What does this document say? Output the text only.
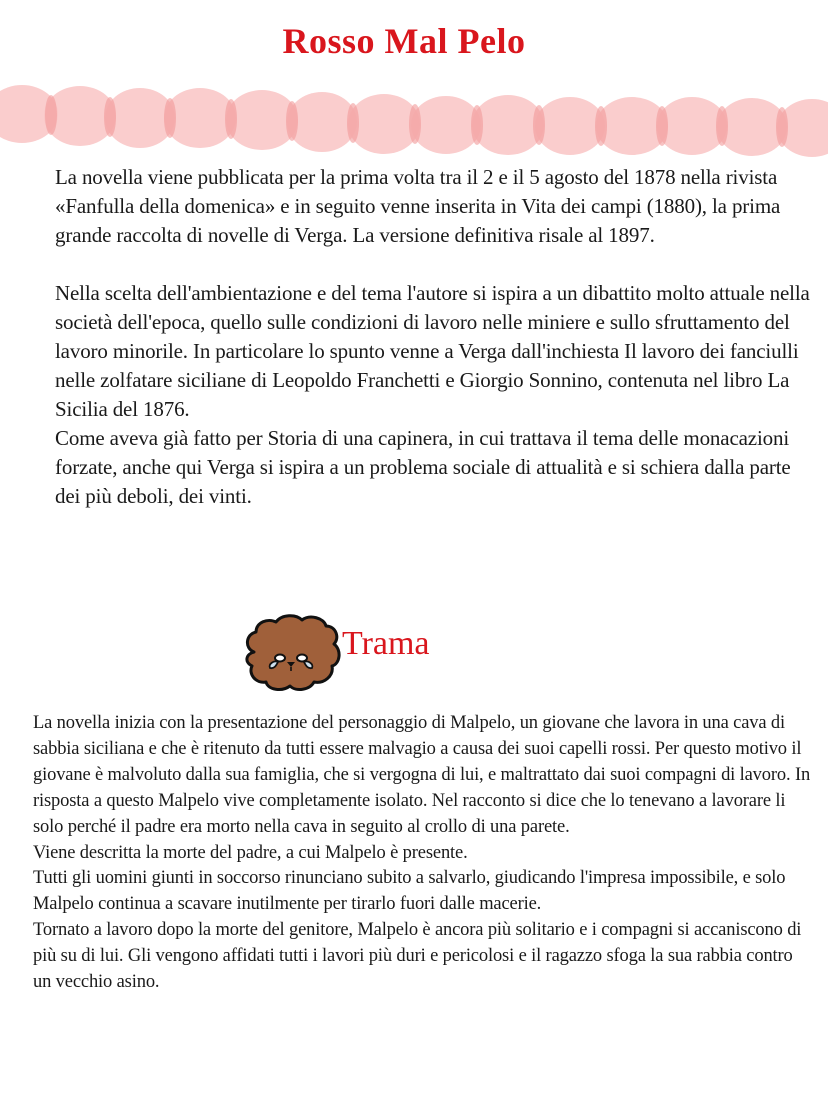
Rosso Mal Pelo

La novella viene pubblicata per la prima volta tra il 2 e il 5 agosto del 1878 nella rivista

«Fanfulla della domenica» e in seguito venne inserita in Vita dei campi (1880), la prima grande raccolta di novelle di Verga. La versione definitiva risale al 1897.

Nella scelta dell'ambientazione e del tema l'autore si ispira a un dibattito molto attuale nella società dell'epoca, quello sulle condizioni di lavoro nelle miniere e sullo sfruttamento del lavoro minorile. In particolare lo spunto venne a Verga dall'inchiesta Il lavoro dei fanciulli nelle zolfatare siciliane di Leopoldo Franchetti e Giorgio Sonnino, contenuta nel libro La Sicilia del 1876.

Come aveva già fatto per Storia di una capinera, in cui trattava il tema delle monacazioni forzate, anche qui Verga si ispira a un problema sociale di attualità e si schiera dalla parte dei più deboli, dei vinti.

Trama

La novella inizia con la presentazione del personaggio di Malpelo, un giovane che lavora in una cava di sabbia siciliana e che è ritenuto da tutti essere malvagio a causa dei suoi capelli rossi. Per questo motivo il giovane è malvoluto dalla sua famiglia, che si vergogna di lui, e maltrattato dai suoi compagni di lavoro. In risposta a questo Malpelo vive completamente isolato. Nel racconto si dice che lo tenevano a lavorare li solo perché il padre era morto nella cava in seguito al crollo di una parete.

Viene descritta la morte del padre, a cui Malpelo è presente.

Tutti gli uomini giunti in soccorso rinunciano subito a salvarlo, giudicando l'impresa impossibile, e solo Malpelo continua a scavare inutilmente per tirarlo fuori dalle macerie.

Tornato a lavoro dopo la morte del genitore, Malpelo è ancora più solitario e i compagni si accaniscono di più su di lui. Gli vengono affidati tutti i lavori più duri e pericolosi e il ragazzo sfoga la sua rabbia contro un vecchio asino.
